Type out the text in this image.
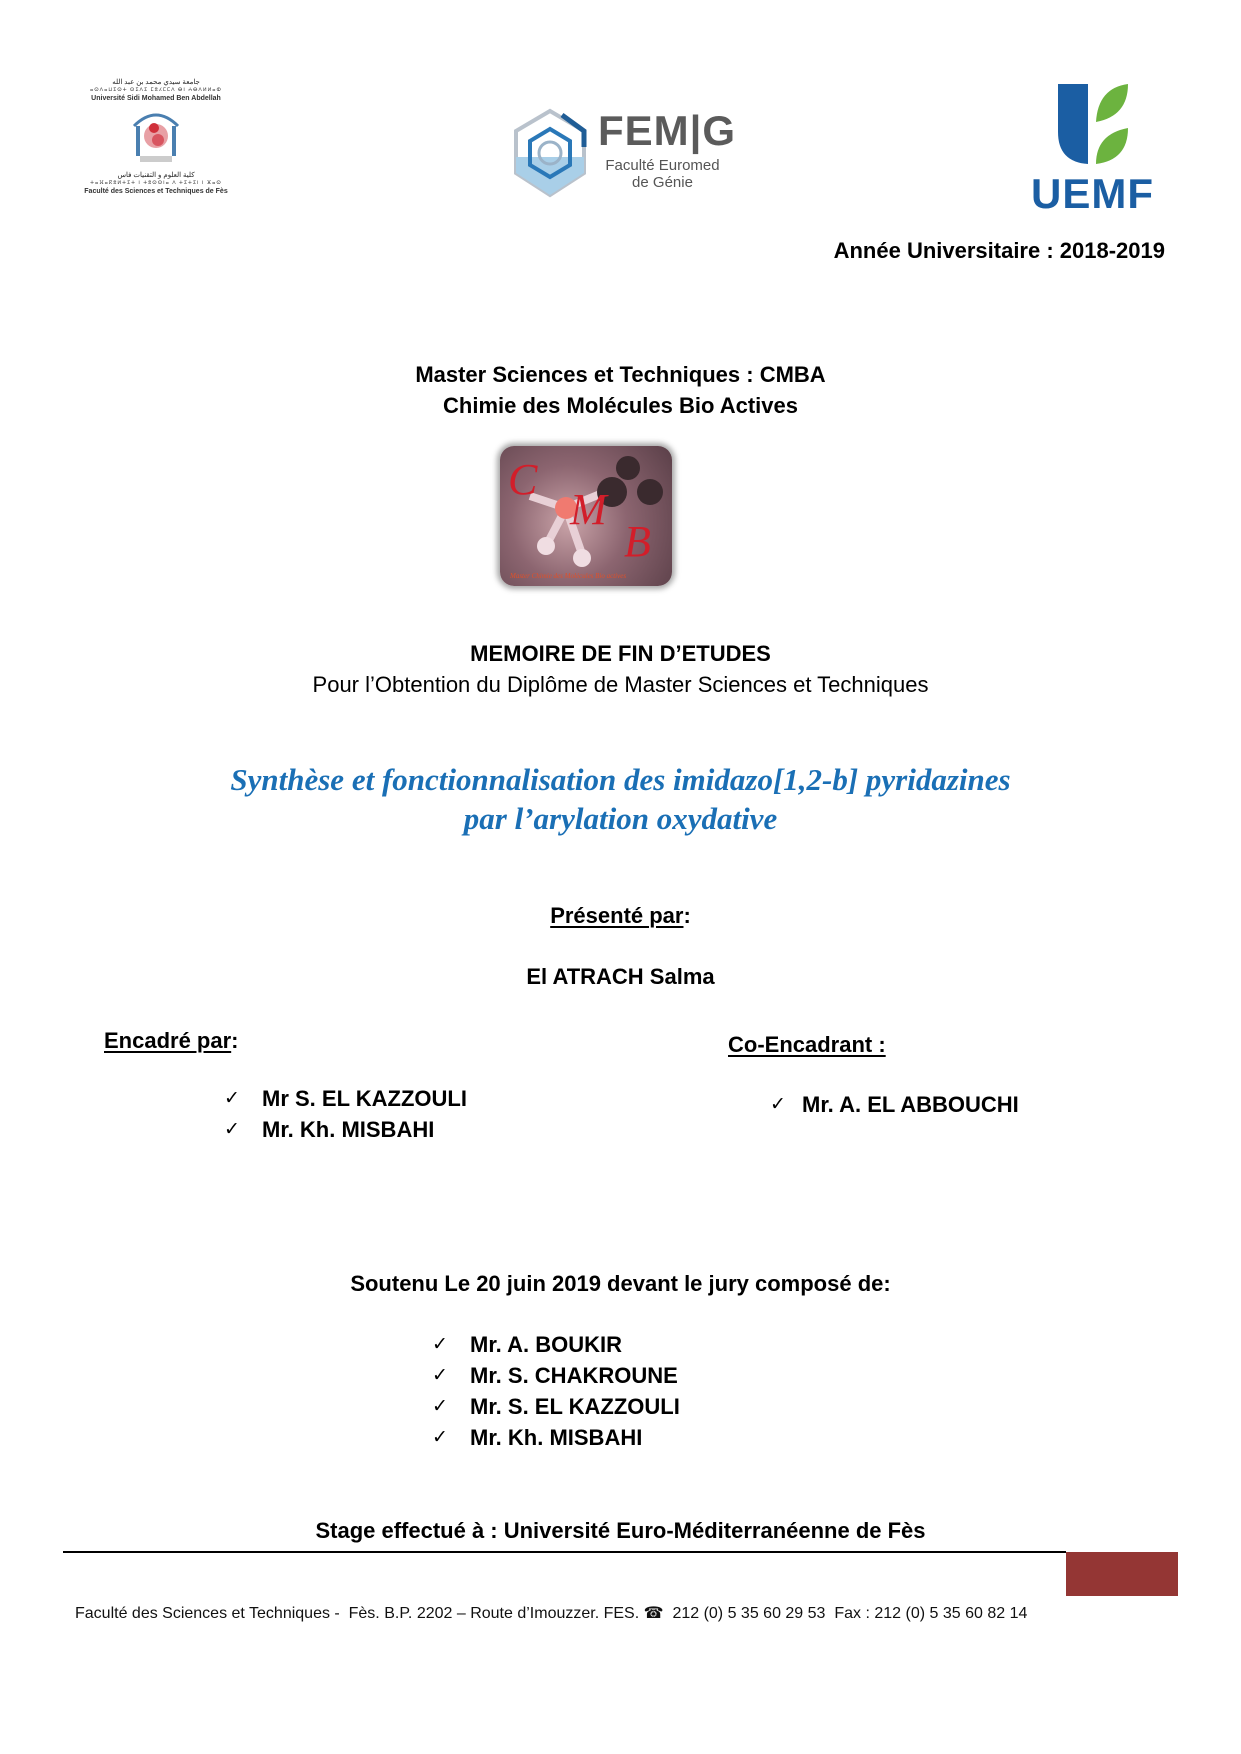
جامعة سيدي محمد بن عبد الله
ⴰⵙⴷⴰⵡⵉⵙⵜ ⵙⵉⴷⵉ ⵎⵓⵃⵎⵎⴷ ⴱⵏ ⵄⴱⴷⵍⵍⴰⵀ
Université Sidi Mohamed Ben Abdellah
كلية العلوم و التقنيات فاس
ⵜⴰⴼⴰⴽⵓⵍⵜⵉⵜ ⵏ ⵜⵓⵙⵙⵏⴰ ⴷ ⵜⵉⵜⵉⵏ ⵏ ⴼⴰⵙ
Faculté des Sciences et Techniques de Fès
FEM|G
Faculté Euromed
de Génie	UEMF
Année Universitaire : 2018-2019
Master Sciences et Techniques : CMBA
Chimie des Molécules Bio Actives
C
M
B
Master Chimie des Molécules Bio actives
MEMOIRE DE FIN D’ETUDES
Pour l’Obtention du Diplôme de Master Sciences et Techniques
Synthèse et fonctionnalisation des imidazo[1,2-b] pyridazines
par l’arylation oxydative
Présenté par:
El ATRACH Salma
Encadré par:
✓ Mr S. EL KAZZOULI
✓ Mr. Kh. MISBAHI
Co-Encadrant :
✓ Mr. A. EL ABBOUCHI
Soutenu Le 20 juin 2019 devant le jury composé de:
✓ Mr. A. BOUKIR
✓ Mr. S. CHAKROUNE
✓ Mr. S. EL KAZZOULI
✓ Mr. Kh. MISBAHI
Stage effectué à : Université Euro-Méditerranéenne de Fès
Faculté des Sciences et Techniques -  Fès. B.P. 2202 – Route d’Imouzzer. FES. ☎ 212 (0) 5 35 60 29 53 Fax : 212 (0) 5 35 60 82 14
